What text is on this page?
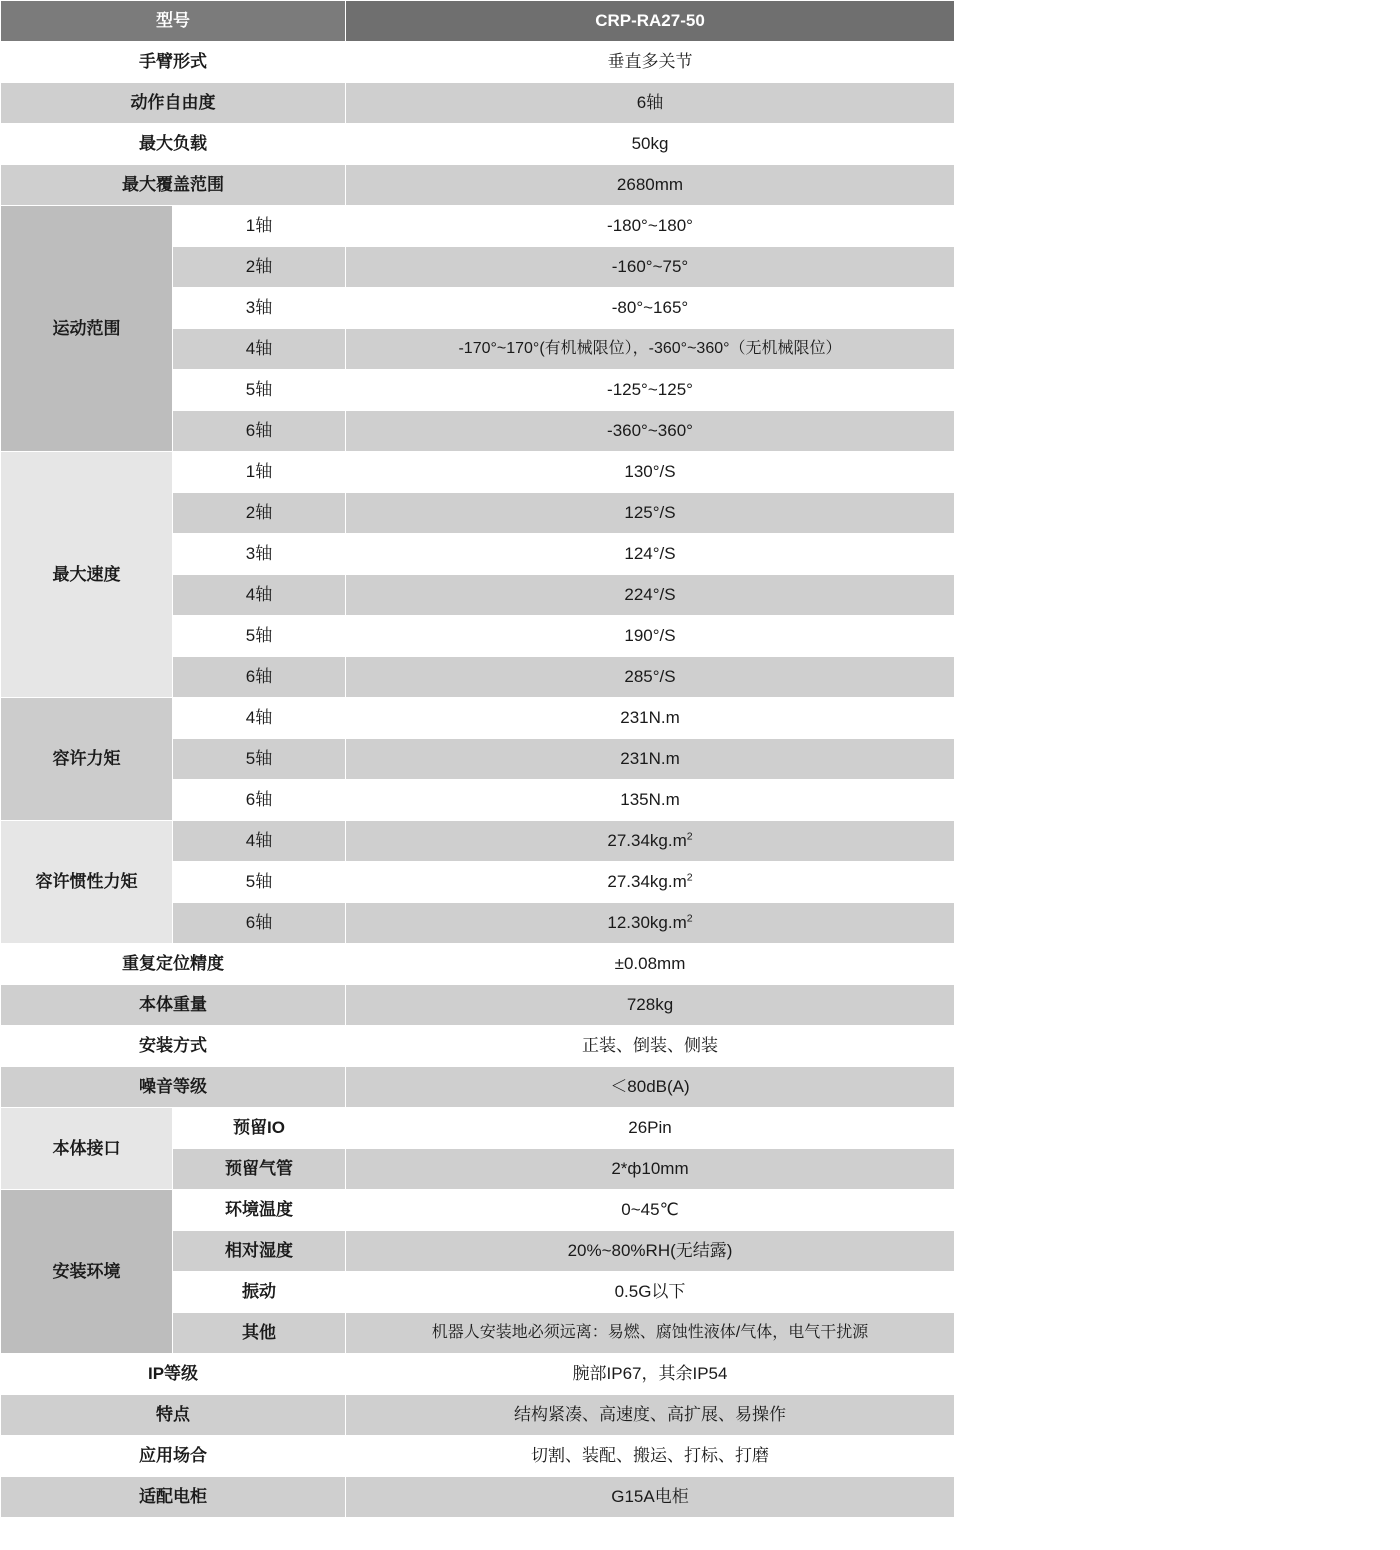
型号		CRP-RA27-50
手臂形式		垂直多关节
动作自由度		6轴
最大负载		50kg
最大覆盖范围		2680mm
运动范围	1轴	-180°~180°
	2轴	-160°~75°
	3轴	-80°~165°
	4轴	-170°~170°(有机械限位），-360°~360°（无机械限位）
	5轴	-125°~125°
	6轴	-360°~360°
最大速度	1轴	130°/S
	2轴	125°/S
	3轴	124°/S
	4轴	224°/S
	5轴	190°/S
	6轴	285°/S
容许力矩	4轴	231N.m
	5轴	231N.m
	6轴	135N.m
容许惯性力矩	4轴	$27.34kg.m^2$
	5轴	$27.34kg.m^2$
	6轴	$12.30kg.m^2$
重复定位精度		±0.08mm
本体重量		728kg
安装方式		正装、倒装、侧装
噪音等级		＜80dB(A)
本体接口	预留IO	26Pin
	预留气管	2*ф10mm
安装环境	环境温度	0~45℃
	相对湿度	20%~80%RH(无结露)
	振动	0.5G以下
	其他	机器人安装地必须远离：易燃、腐蚀性液体/气体，电气干扰源
IP等级		腕部IP67，其余IP54
特点		结构紧凑、高速度、高扩展、易操作
应用场合		切割、装配、搬运、打标、打磨
适配电柜		G15A电柜
